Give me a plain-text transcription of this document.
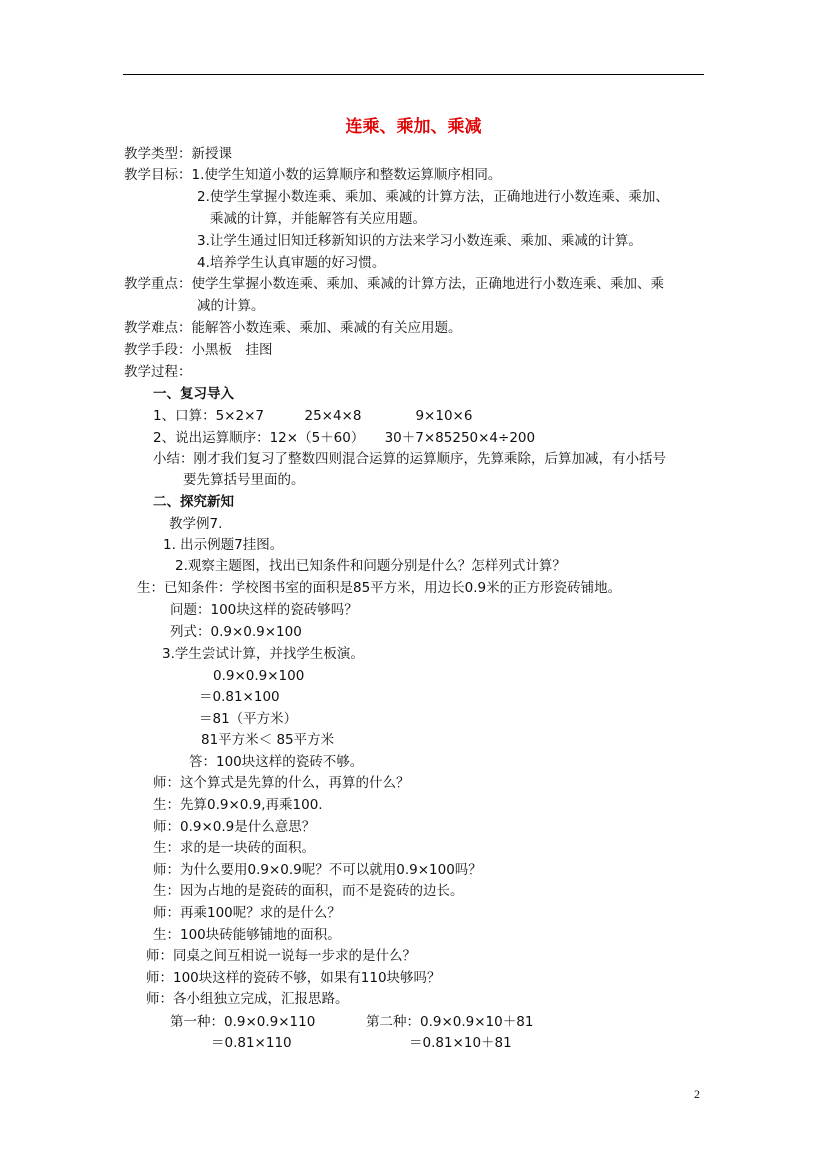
连乘、乘加、乘减
教学类型：新授课
教学目标：1.使学生知道小数的运算顺序和整数运算顺序相同。
2.使学生掌握小数连乘、乘加、乘减的计算方法，正确地进行小数连乘、乘加、
乘减的计算，并能解答有关应用题。
3.让学生通过旧知迁移新知识的方法来学习小数连乘、乘加、乘减的计算。
4.培养学生认真审题的好习惯。
教学重点：使学生掌握小数连乘、乘加、乘减的计算方法，正确地进行小数连乘、乘加、乘
减的计算。
教学难点：能解答小数连乘、乘加、乘减的有关应用题。
教学手段：小黑板　挂图
教学过程：
一、复习导入
1、口算：5×2×7　　　25×4×8　　　　9×10×6
2、说出运算顺序：12×（5＋60）　　30＋7×85250×4÷200
小结：刚才我们复习了整数四则混合运算的运算顺序，先算乘除，后算加减，有小括号
要先算括号里面的。
二、探究新知
教学例7.
1. 出示例题7挂图。
2.观察主题图，找出已知条件和问题分别是什么？怎样列式计算？
生：已知条件：学校图书室的面积是85平方米，用边长0.9米的正方形瓷砖铺地。
问题：100块这样的瓷砖够吗？
列式：0.9×0.9×100
3.学生尝试计算，并找学生板演。
0.9×0.9×100
＝0.81×100
＝81（平方米）
81平方米＜ 85平方米
答：100块这样的瓷砖不够。
师：这个算式是先算的什么，再算的什么？
生：先算0.9×0.9,再乘100.
师：0.9×0.9是什么意思？
生：求的是一块砖的面积。
师：为什么要用0.9×0.9呢？不可以就用0.9×100吗？
生：因为占地的是瓷砖的面积，而不是瓷砖的边长。
师：再乘100呢？求的是什么？
生：100块砖能够铺地的面积。
师：同桌之间互相说一说每一步求的是什么？
师：100块这样的瓷砖不够，如果有110块够吗？
师：各小组独立完成，汇报思路。
第一种：0.9×0.9×110	第二种：0.9×0.9×10＋81
＝0.81×110	＝0.81×10＋81
2
